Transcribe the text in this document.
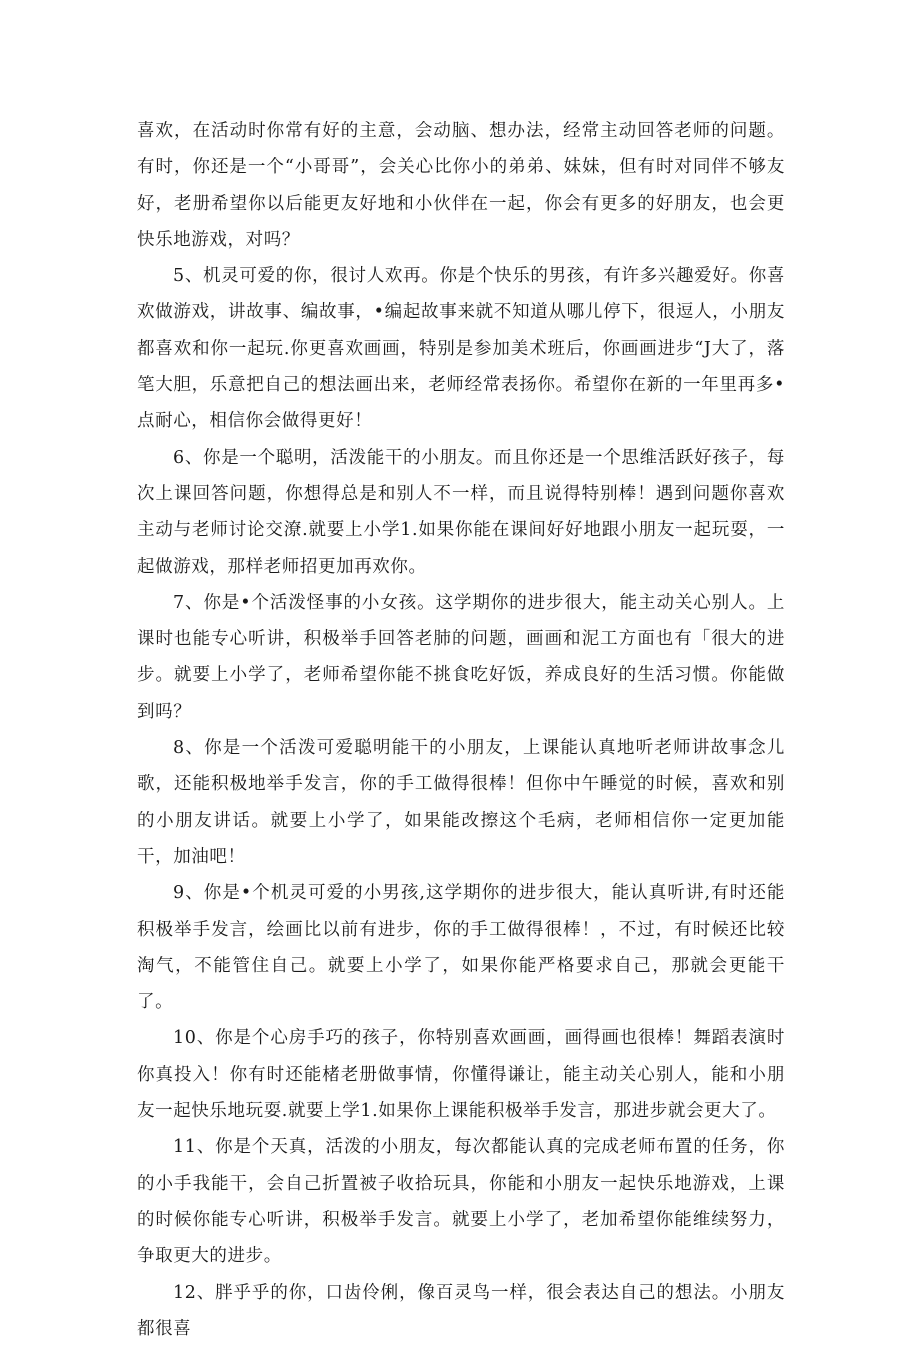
喜欢，在活动时你常有好的主意，会动脑、想办法，经常主动回答老师的问题。有时，你还是一个“小哥哥”，会关心比你小的弟弟、妹妹，但有时对同伴不够友好，老册希望你以后能更友好地和小伙伴在一起，你会有更多的好朋友，也会更快乐地游戏，对吗？

5、机灵可爱的你，很讨人欢再。你是个快乐的男孩，有许多兴趣爱好。你喜欢做游戏，讲故事、编故事，•编起故事来就不知道从哪儿停下，很逗人，小朋友都喜欢和你一起玩.你更喜欢画画，特别是参加美术班后，你画画进步“J大了，落笔大胆，乐意把自己的想法画出来，老师经常表扬你。希望你在新的一年里再多•点耐心，相信你会做得更好！

6、你是一个聪明，活泼能干的小朋友。而且你还是一个思维活跃好孩子，每次上课回答问题，你想得总是和别人不一样，而且说得特别棒！遇到问题你喜欢主动与老师讨论交潦.就要上小学1.如果你能在课间好好地跟小朋友一起玩耍，一起做游戏，那样老师招更加再欢你。

7、你是•个活泼怪事的小女孩。这学期你的进步很大，能主动关心别人。上课时也能专心听讲，积极举手回答老肺的问题，画画和泥工方面也有「很大的进步。就要上小学了，老师希望你能不挑食吃好饭，养成良好的生活习惯。你能做到吗？

8、你是一个活泼可爱聪明能干的小朋友，上课能认真地听老师讲故事念儿歌，还能积极地举手发言，你的手工做得很棒！但你中午睡觉的时候，喜欢和别的小朋友讲话。就要上小学了，如果能改擦这个毛病，老师相信你一定更加能干，加油吧！

9、你是•个机灵可爱的小男孩,这学期你的进步很大，能认真听讲,有时还能积极举手发言，绘画比以前有进步，你的手工做得很棒！，不过，有时候还比较淘气，不能管住自己。就要上小学了，如果你能严格要求自己，那就会更能干了。

10、你是个心房手巧的孩子，你特别喜欢画画，画得画也很棒！舞蹈表演时你真投入！你有时还能楮老册做事情，你懂得谦让，能主动关心别人，能和小朋友一起快乐地玩耍.就要上学1.如果你上课能积极举手发言，那进步就会更大了。

11、你是个天真，活泼的小朋友，每次都能认真的完成老师布置的任务，你的小手我能干，会自己折置被子收拾玩具，你能和小朋友一起快乐地游戏，上课的时候你能专心听讲，积极举手发言。就要上小学了，老加希望你能维续努力，争取更大的进步。

12、胖乎乎的你，口齿伶俐，像百灵鸟一样，很会表达自己的想法。小朋友都很喜
